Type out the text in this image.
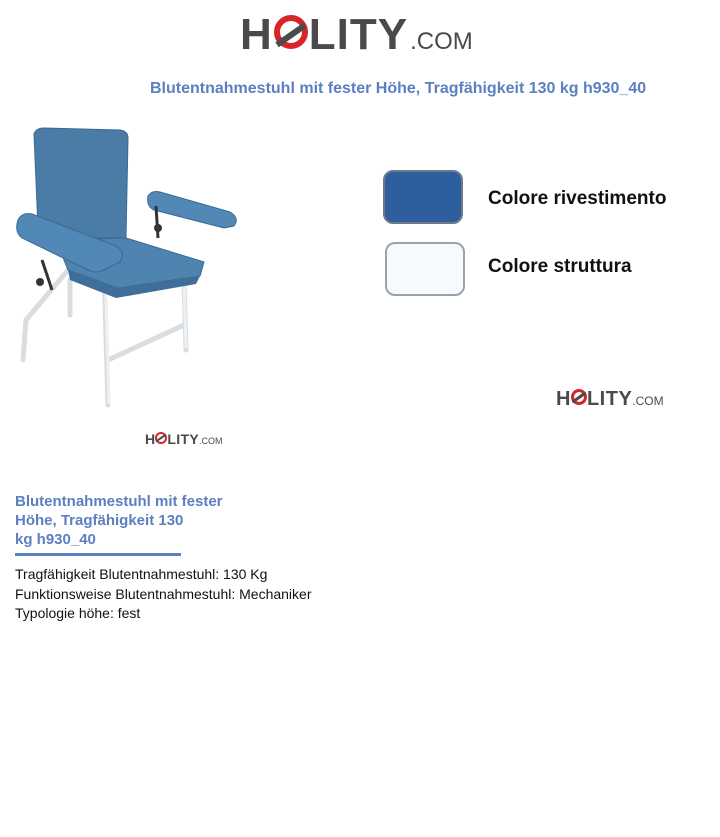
H LITY .COM
Blutentnahmestuhl mit fester Höhe, Tragfähigkeit 130 kg h930_40
H LITY .COM
H LITY .COM
Colore rivestimento
Colore struttura
Blutentnahmestuhl mit fester
Höhe, Tragfähigkeit 130
kg h930_40
Tragfähigkeit Blutentnahmestuhl: 130 Kg
Funktionsweise Blutentnahmestuhl: Mechaniker
Typologie höhe: fest
